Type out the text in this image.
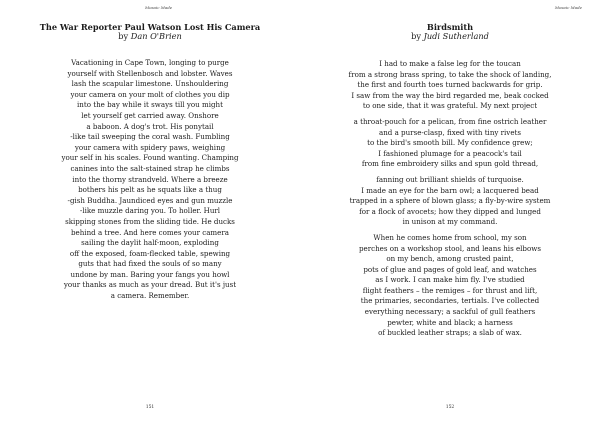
Mosaic Made
The War Reporter Paul Watson Lost His Camera
by Dan O'Brien
Vacationing in Cape Town, longing to purge
yourself with Stellenbosch and lobster. Waves
lash the scapular limestone. Unshouldering
your camera on your molt of clothes you dip
into the bay while it sways till you might
let yourself get carried away. Onshore
a baboon. A dog's trot. His ponytail
-like tail sweeping the coral wash. Fumbling
your camera with spidery paws, weighing
your self in his scales. Found wanting. Champing
canines into the salt-stained strap he climbs
into the thorny strandveld. Where a breeze
bothers his pelt as he squats like a thug
-gish Buddha. Jaundiced eyes and gun muzzle
-like muzzle daring you. To holler. Hurl
skipping stones from the sliding tide. He ducks
behind a tree. And here comes your camera
sailing the daylit half-moon, exploding
off the exposed, foam-flecked table, spewing
guts that had fixed the souls of so many
undone by man. Baring your fangs you howl
your thanks as much as your dread. But it's just
a camera. Remember.
151
Mosaic Made
Birdsmith
by Judi Sutherland
I had to make a false leg for the toucan
from a strong brass spring, to take the shock of landing,
the first and fourth toes turned backwards for grip.
I saw from the way the bird regarded me, beak cocked
to one side, that it was grateful. My next project
a throat-pouch for a pelican, from fine ostrich leather
and a purse-clasp, fixed with tiny rivets
to the bird's smooth bill. My confidence grew;
I fashioned plumage for a peacock's tail
from fine embroidery silks and spun gold thread,
fanning out brilliant shields of turquoise.
I made an eye for the barn owl; a lacquered bead
trapped in a sphere of blown glass; a fly-by-wire system
for a flock of avocets; how they dipped and lunged
in unison at my command.
When he comes home from school, my son
perches on a workshop stool, and leans his elbows
on my bench, among crusted paint,
pots of glue and pages of gold leaf, and watches
as I work. I can make him fly. I've studied
flight feathers – the remiges – for thrust and lift,
the primaries, secondaries, tertials. I've collected
everything necessary; a sackful of gull feathers
pewter, white and black; a harness
of buckled leather straps; a slab of wax.
152
